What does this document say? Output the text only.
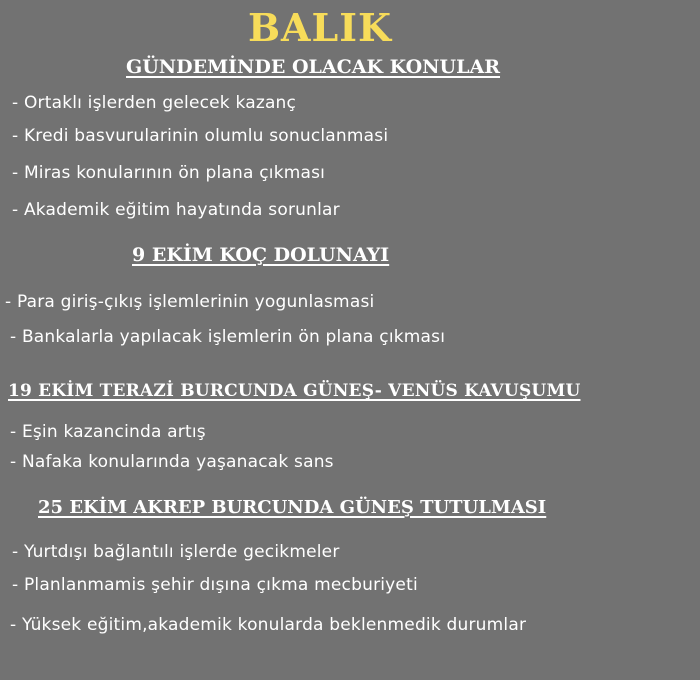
BALIK
GÜNDEMİNDE OLACAK KONULAR
- Ortaklı işlerden gelecek kazanç
- Kredi basvurularinin olumlu sonuclanmasi
- Miras konularının ön plana çıkması
- Akademik eğitim hayatında sorunlar
9 EKİM KOÇ DOLUNAYI
- Para giriş-çıkış işlemlerinin yogunlasmasi
- Bankalarla yapılacak işlemlerin ön plana çıkması
19 EKİM TERAZİ BURCUNDA GÜNEŞ- VENÜS KAVUŞUMU
- Eşin kazancinda artış
- Nafaka konularında yaşanacak sans
25 EKİM AKREP BURCUNDA GÜNEŞ TUTULMASI
- Yurtdışı bağlantılı işlerde gecikmeler
- Planlanmamis şehir dışına çıkma mecburiyeti
- Yüksek eğitim,akademik konularda beklenmedik durumlar
